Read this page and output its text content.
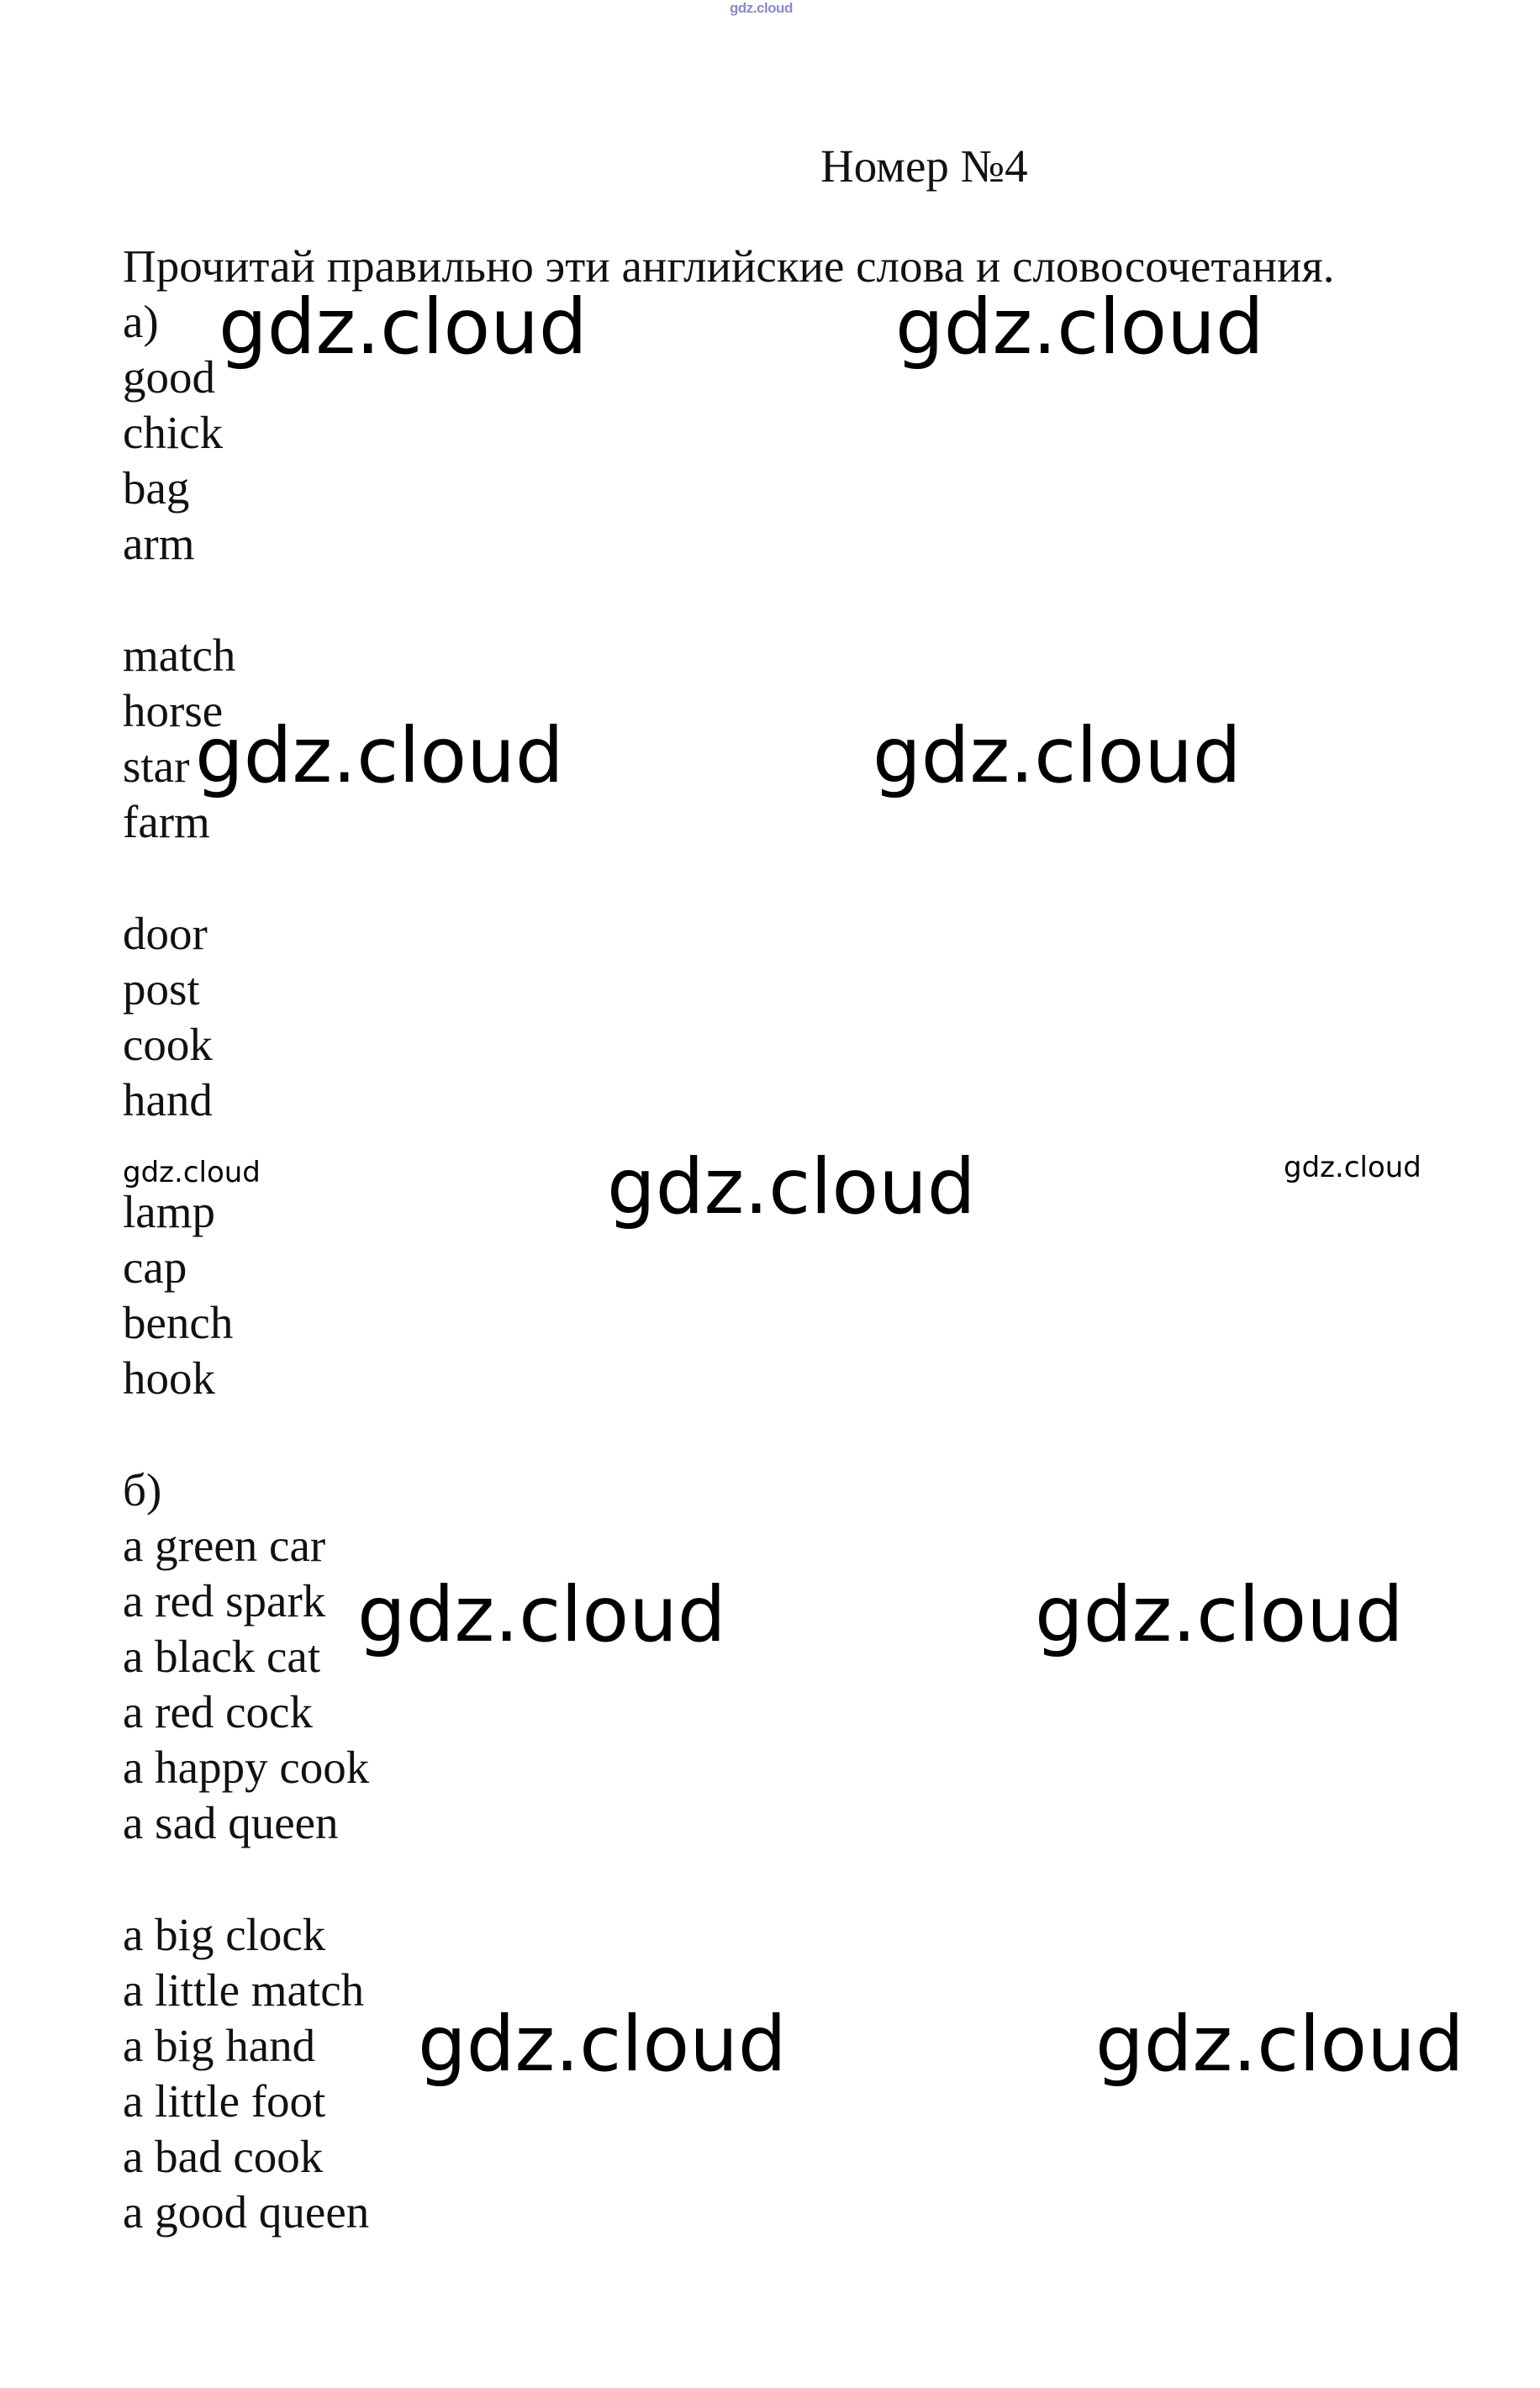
gdz.cloud
Номер №4
Прочитай правильно эти английские слова и словосочетания.
а)
good
chick
bag
arm
match
horse
star
farm
door
post
cook
hand
lamp
cap
bench
hook
б)
a green car
a red spark
a black cat
a red cock
a happy cook
a sad queen
a big clock
a little match
a big hand
a little foot
a bad cook
a good queen
gdz.cloud	gdz.cloud
gdz.cloud	gdz.cloud
gdz.cloud	gdz.cloud	gdz.cloud
gdz.cloud	gdz.cloud
gdz.cloud	gdz.cloud
